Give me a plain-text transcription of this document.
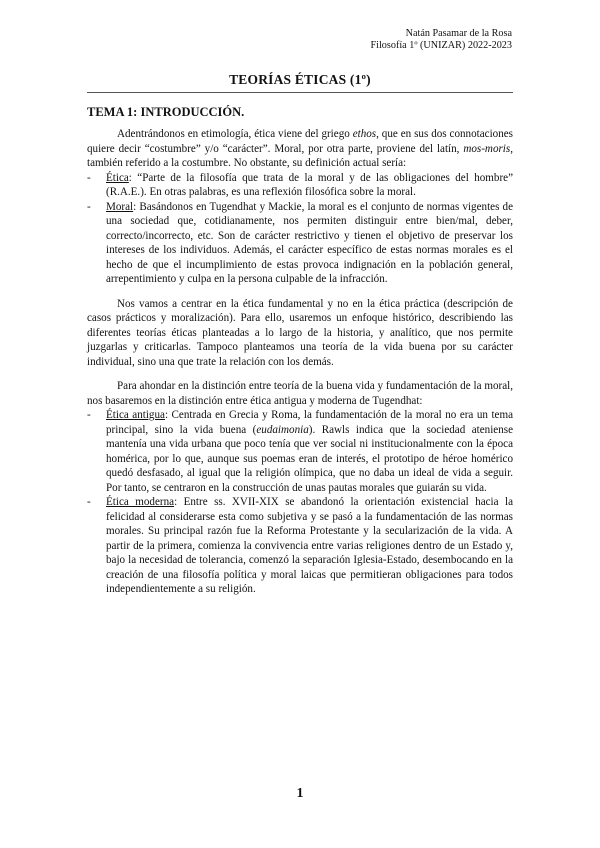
Natán Pasamar de la Rosa
Filosofía 1º (UNIZAR) 2022-2023
TEORÍAS ÉTICAS (1º)
TEMA 1: INTRODUCCIÓN.

Adentrándonos en etimología, ética viene del griego ethos, que en sus dos connotaciones quiere decir “costumbre” y/o “carácter”. Moral, por otra parte, proviene del latín, mos-moris, también referido a la costumbre. No obstante, su definición actual sería:

- Ética: “Parte de la filosofía que trata de la moral y de las obligaciones del hombre” (R.A.E.). En otras palabras, es una reflexión filosófica sobre la moral.
- Moral: Basándonos en Tugendhat y Mackie, la moral es el conjunto de normas vigentes de una sociedad que, cotidianamente, nos permiten distinguir entre bien/mal, deber, correcto/incorrecto, etc. Son de carácter restrictivo y tienen el objetivo de preservar los intereses de los individuos. Además, el carácter específico de estas normas morales es el hecho de que el incumplimiento de estas provoca indignación en la población general, arrepentimiento y culpa en la persona culpable de la infracción.

Nos vamos a centrar en la ética fundamental y no en la ética práctica (descripción de casos prácticos y moralización). Para ello, usaremos un enfoque histórico, describiendo las diferentes teorías éticas planteadas a lo largo de la historia, y analítico, que nos permite juzgarlas y criticarlas. Tampoco planteamos una teoría de la vida buena por su carácter individual, sino una que trate la relación con los demás.

Para ahondar en la distinción entre teoría de la buena vida y fundamentación de la moral, nos basaremos en la distinción entre ética antigua y moderna de Tugendhat:

- Ética antigua: Centrada en Grecia y Roma, la fundamentación de la moral no era un tema principal, sino la vida buena (eudaimonia). Rawls indica que la sociedad ateniense mantenía una vida urbana que poco tenía que ver social ni institucionalmente con la época homérica, por lo que, aunque sus poemas eran de interés, el prototipo de héroe homérico quedó desfasado, al igual que la religión olímpica, que no daba un ideal de vida a seguir. Por tanto, se centraron en la construcción de unas pautas morales que guiarán su vida.
- Ética moderna: Entre ss. XVII-XIX se abandonó la orientación existencial hacia la felicidad al considerarse esta como subjetiva y se pasó a la fundamentación de las normas morales. Su principal razón fue la Reforma Protestante y la secularización de la vida. A partir de la primera, comienza la convivencia entre varias religiones dentro de un Estado y, bajo la necesidad de tolerancia, comenzó la separación Iglesia-Estado, desembocando en la creación de una filosofía política y moral laicas que permitieran obligaciones para todos independientemente a su religión.
1
